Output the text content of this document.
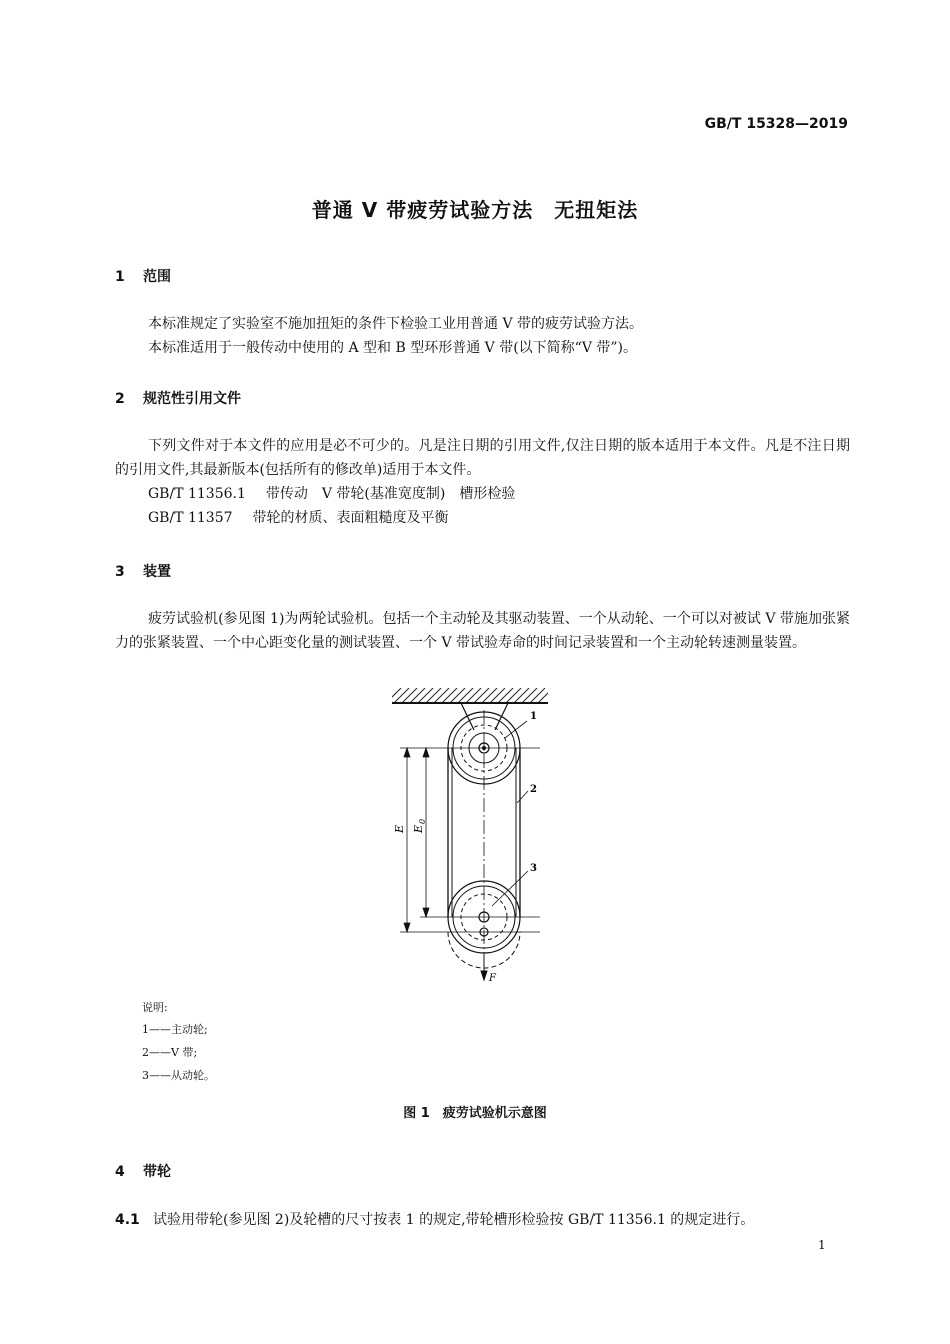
GB/T 15328—2019
普通 V 带疲劳试验方法　无扭矩法
1 范围
本标准规定了实验室不施加扭矩的条件下检验工业用普通 V 带的疲劳试验方法。
本标准适用于一般传动中使用的 A 型和 B 型环形普通 V 带(以下简称“V 带”)。
2 规范性引用文件
下列文件对于本文件的应用是必不可少的。凡是注日期的引用文件,仅注日期的版本适用于本文件。凡是不注日期的引用文件,其最新版本(包括所有的修改单)适用于本文件。
GB/T 11356.1 带传动　V 带轮(基准宽度制)　槽形检验
GB/T 11357 带轮的材质、表面粗糙度及平衡
3 装置
疲劳试验机(参见图 1)为两轮试验机。包括一个主动轮及其驱动装置、一个从动轮、一个可以对被试 V 带施加张紧力的张紧装置、一个中心距变化量的测试装置、一个 V 带试验寿命的时间记录装置和一个主动轮转速测量装置。
E $E_0$
F
1
2
3
说明:
1——主动轮;
2——V 带;
3——从动轮。
图 1　疲劳试验机示意图
4 带轮
4.1 试验用带轮(参见图 2)及轮槽的尺寸按表 1 的规定,带轮槽形检验按 GB/T 11356.1 的规定进行。
1
